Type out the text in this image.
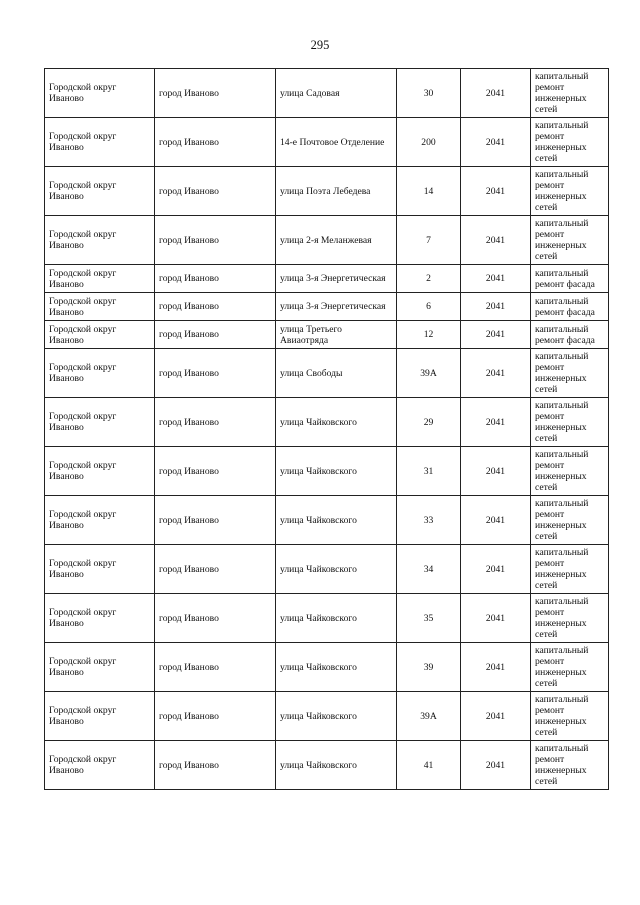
295
Городской округ Иваново	город Иваново	улица Садовая	30	2041	капитальный ремонт инженерных сетей
Городской округ Иваново	город Иваново	14-е Почтовое Отделение	200	2041	капитальный ремонт инженерных сетей
Городской округ Иваново	город Иваново	улица Поэта Лебедева	14	2041	капитальный ремонт инженерных сетей
Городской округ Иваново	город Иваново	улица 2-я Меланжевая	7	2041	капитальный ремонт инженерных сетей
Городской округ Иваново	город Иваново	улица 3-я Энергетическая	2	2041	капитальный ремонт фасада
Городской округ Иваново	город Иваново	улица 3-я Энергетическая	6	2041	капитальный ремонт фасада
Городской округ Иваново	город Иваново	улица Третьего Авиаотряда	12	2041	капитальный ремонт фасада
Городской округ Иваново	город Иваново	улица Свободы	39А	2041	капитальный ремонт инженерных сетей
Городской округ Иваново	город Иваново	улица Чайковского	29	2041	капитальный ремонт инженерных сетей
Городской округ Иваново	город Иваново	улица Чайковского	31	2041	капитальный ремонт инженерных сетей
Городской округ Иваново	город Иваново	улица Чайковского	33	2041	капитальный ремонт инженерных сетей
Городской округ Иваново	город Иваново	улица Чайковского	34	2041	капитальный ремонт инженерных сетей
Городской округ Иваново	город Иваново	улица Чайковского	35	2041	капитальный ремонт инженерных сетей
Городской округ Иваново	город Иваново	улица Чайковского	39	2041	капитальный ремонт инженерных сетей
Городской округ Иваново	город Иваново	улица Чайковского	39А	2041	капитальный ремонт инженерных сетей
Городской округ Иваново	город Иваново	улица Чайковского	41	2041	капитальный ремонт инженерных сетей
